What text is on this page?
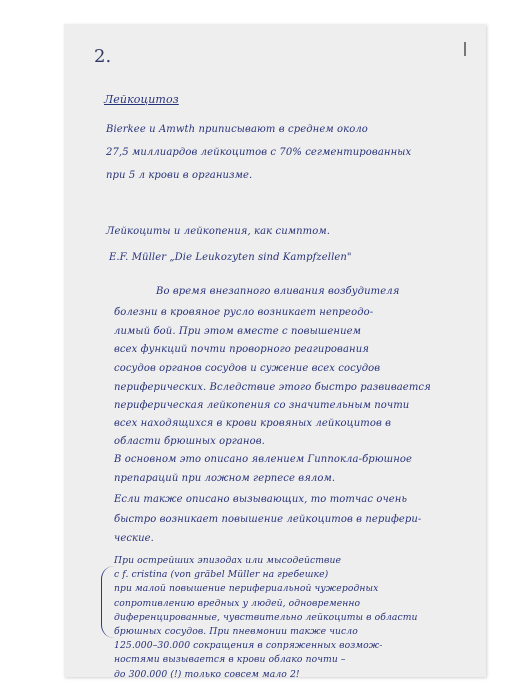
2.
Лейкоцитоз
Bierkee и Amwth приписывают в среднем около
27,5 миллиардов лейкоцитов с 70% сегментированных
при 5 л крови в организме.
Лейкоциты и лейкопения, как симптом.
E.F. Müller „Die Leukozyten sind Kampfzellen"
Во время внезапного вливания возбудителя
болезни в кровяное русло возникает непреодо-
лимый бой. При этом вместе с повышением
всех функций почти проворного реагирования
сосудов органов сосудов и сужение всех сосудов
периферических. Вследствие этого быстро развивается
периферическая лейкопения со значительным почти
всех находящихся в крови кровяных лейкоцитов в
области брюшных органов.
В основном это описано явлением Гиппокла-брюшное
препараций при ложном герпесе вялом.
Если также описано вызывающих, то тотчас очень
быстро возникает повышение лейкоцитов в перифери-
ческие.
При острейших эпизодах или мысодействие
с f. cristina (von gräbel Müller на гребешке)
при малой повышение перифериальной чужеродных
сопротивлению вредных у людей, одновременно
диференцированные, чувствительно лейкоциты в области
брюшных сосудов. При пневмонии также число
125.000–30.000 сокращения в сопряженных возмож-
ностями вызывается в крови облако почти –
до 300.000 (!) только совсем мало 2!
